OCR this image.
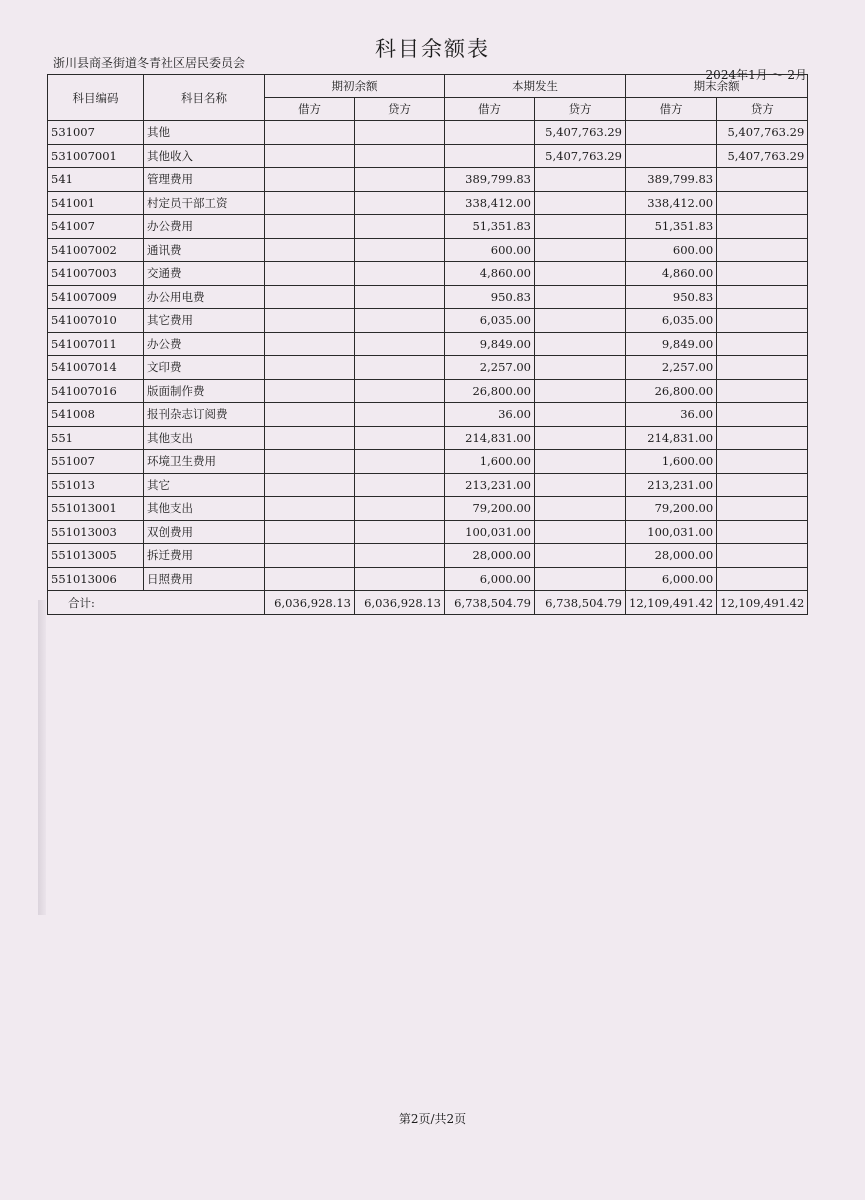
科目余额表
浙川县商圣街道冬青社区居民委员会
2024年1月 ～ 2月
科目编码	科目名称	期初余额		本期发生		期末余额	
		借方	贷方	借方	贷方	借方	贷方
531007	其他				5,407,763.29		5,407,763.29
531007001	其他收入				5,407,763.29		5,407,763.29
541	管理费用			389,799.83		389,799.83	
541001	村定员干部工资			338,412.00		338,412.00	
541007	办公费用			51,351.83		51,351.83	
541007002	通讯费			600.00		600.00	
541007003	交通费			4,860.00		4,860.00	
541007009	办公用电费			950.83		950.83	
541007010	其它费用			6,035.00		6,035.00	
541007011	办公费			9,849.00		9,849.00	
541007014	文印费			2,257.00		2,257.00	
541007016	版面制作费			26,800.00		26,800.00	
541008	报刊杂志订阅费			36.00		36.00	
551	其他支出			214,831.00		214,831.00	
551007	环境卫生费用			1,600.00		1,600.00	
551013	其它			213,231.00		213,231.00	
551013001	其他支出			79,200.00		79,200.00	
551013003	双创费用			100,031.00		100,031.00	
551013005	拆迁费用			28,000.00		28,000.00	
551013006	日照费用			6,000.00		6,000.00	
合计:		6,036,928.13	6,036,928.13	6,738,504.79	6,738,504.79	12,109,491.42	12,109,491.42
第2页/共2页
